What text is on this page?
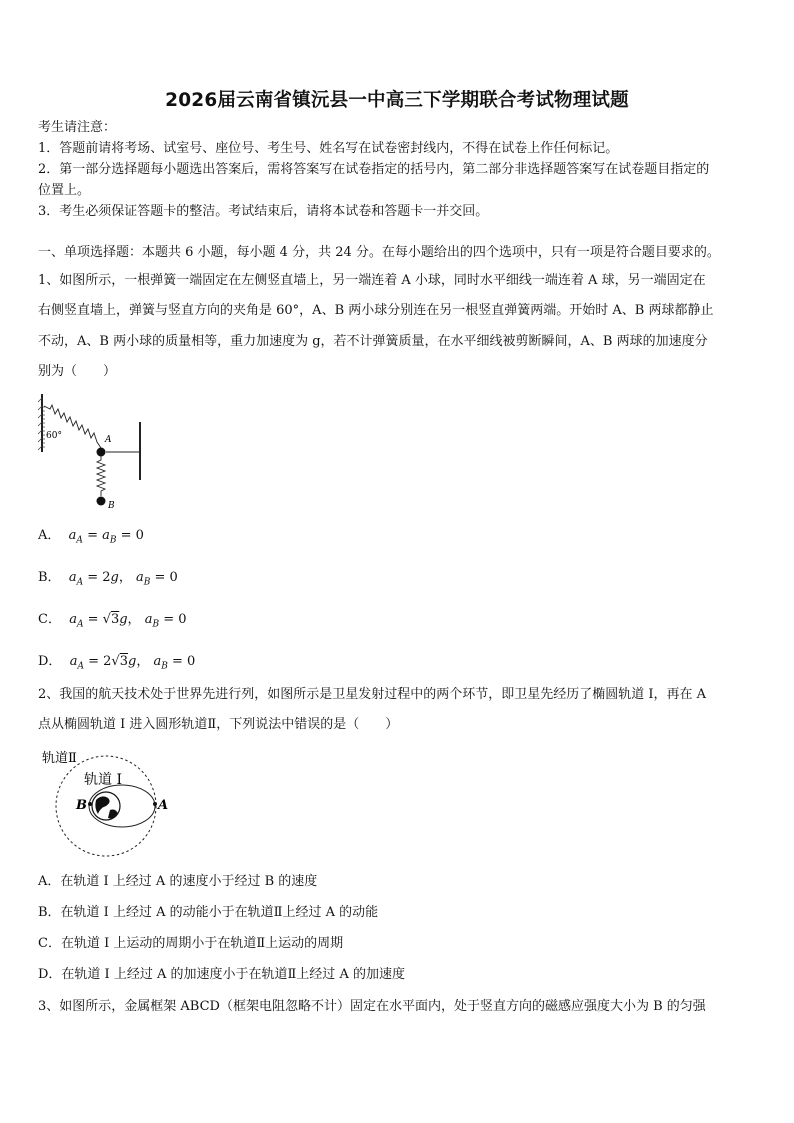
2026届云南省镇沅县一中高三下学期联合考试物理试题
考生请注意：
1．答题前请将考场、试室号、座位号、考生号、姓名写在试卷密封线内，不得在试卷上作任何标记。
2．第一部分选择题每小题选出答案后，需将答案写在试卷指定的括号内，第二部分非选择题答案写在试卷题目指定的
位置上。
3．考生必须保证答题卡的整洁。考试结束后，请将本试卷和答题卡一并交回。
一、单项选择题：本题共 6 小题，每小题 4 分，共 24 分。在每小题给出的四个选项中，只有一项是符合题目要求的。
1、如图所示，一根弹簧一端固定在左侧竖直墙上，另一端连着 A 小球，同时水平细线一端连着 A 球，另一端固定在
右侧竖直墙上，弹簧与竖直方向的夹角是 60°，A、B 两小球分别连在另一根竖直弹簧两端。开始时 A、B 两球都静止
不动，A、B 两小球的质量相等，重力加速度为 g，若不计弹簧质量，在水平细线被剪断瞬间，A、B 两球的加速度分
别为（　　）
60°	A
B
A．  $a_A = a_B = 0$
B．  $a_A = 2g$， $a_B = 0$
C．  $a_A = √3g$， $a_B = 0$
D．  $a_A = 2√3g$， $a_B = 0$
2、我国的航天技术处于世界先进行列，如图所示是卫星发射过程中的两个环节，即卫星先经历了椭圆轨道 I，再在 A
点从椭圆轨道 I 进入圆形轨道Ⅱ，下列说法中错误的是（　　）
轨道Ⅱ
轨道 I
B	A
A．在轨道 I 上经过 A 的速度小于经过 B 的速度
B．在轨道 I 上经过 A 的动能小于在轨道Ⅱ上经过 A 的动能
C．在轨道 I 上运动的周期小于在轨道Ⅱ上运动的周期
D．在轨道 I 上经过 A 的加速度小于在轨道Ⅱ上经过 A 的加速度
3、如图所示，金属框架 ABCD（框架电阻忽略不计）固定在水平面内，处于竖直方向的磁感应强度大小为 B 的匀强
